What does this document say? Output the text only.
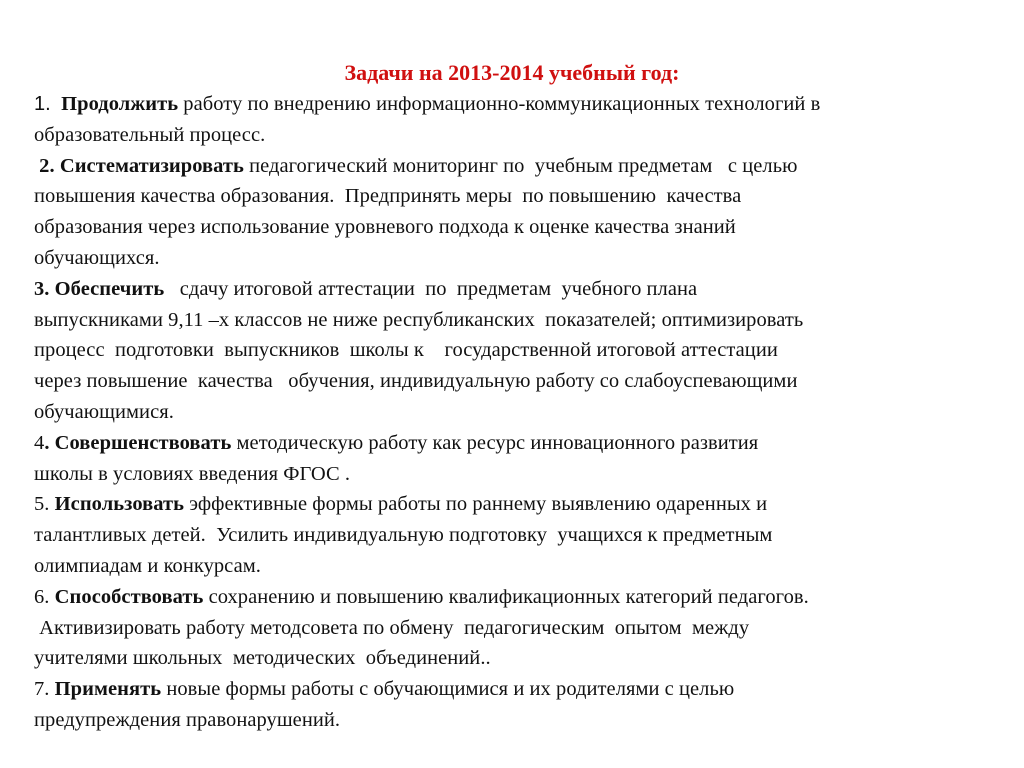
Задачи на 2013-2014 учебный год:
1. Продолжить работу по внедрению информационно-коммуникационных технологий в
образовательный процесс.
2. Систематизировать педагогический мониторинг по  учебным предметам   с целью
повышения качества образования.  Предпринять меры  по повышению  качества
образования через использование уровневого подхода к оценке качества знаний
обучающихся.
3. Обеспечить   сдачу итоговой аттестации  по  предметам  учебного плана
выпускниками 9,11 –х классов не ниже республиканских  показателей; оптимизировать
процесс  подготовки  выпускников  школы к    государственной итоговой аттестации
через повышение  качества   обучения, индивидуальную работу со слабоуспевающими
обучающимися.
4. Совершенствовать методическую работу как ресурс инновационного развития
школы в условиях введения ФГОС .
5. Использовать эффективные формы работы по раннему выявлению одаренных и
талантливых детей.  Усилить индивидуальную подготовку  учащихся к предметным
олимпиадам и конкурсам.
6. Способствовать сохранению и повышению квалификационных категорий педагогов.
Активизировать работу методсовета по обмену  педагогическим  опытом  между
учителями школьных  методических  объединений..
7. Применять новые формы работы с обучающимися и их родителями с целью
предупреждения правонарушений.
